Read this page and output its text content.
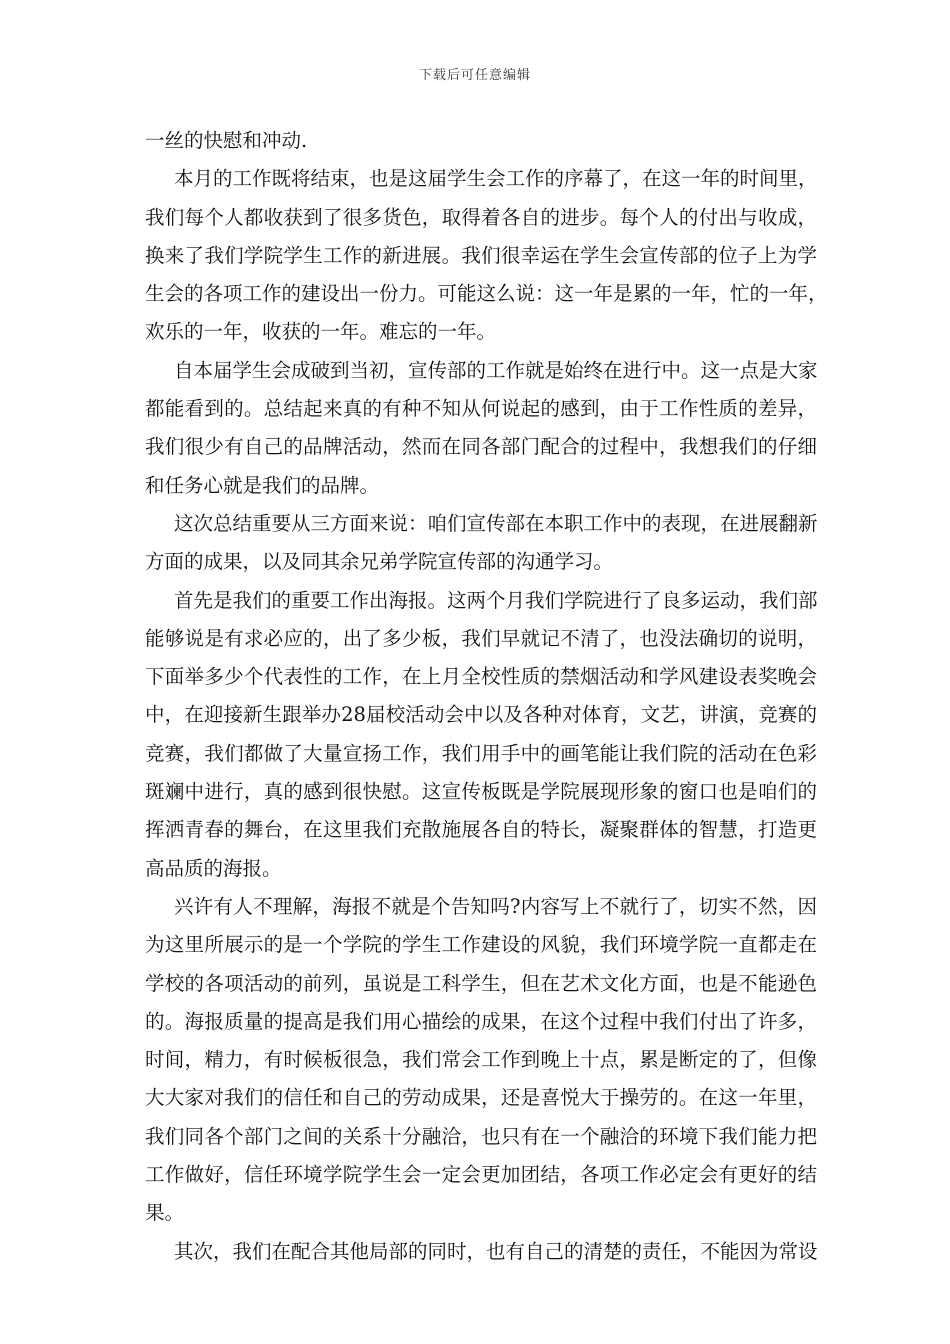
下载后可任意编辑
一丝的快慰和冲动.
本月的工作既将结束，也是这届学生会工作的序幕了，在这一年的时间里，
我们每个人都收获到了很多货色，取得着各自的进步。每个人的付出与收成，
换来了我们学院学生工作的新进展。我们很幸运在学生会宣传部的位子上为学
生会的各项工作的建设出一份力。可能这么说：这一年是累的一年，忙的一年，
欢乐的一年，收获的一年。难忘的一年。
自本届学生会成破到当初，宣传部的工作就是始终在进行中。这一点是大家
都能看到的。总结起来真的有种不知从何说起的感到，由于工作性质的差异，
我们很少有自己的品牌活动，然而在同各部门配合的过程中，我想我们的仔细
和任务心就是我们的品牌。
这次总结重要从三方面来说：咱们宣传部在本职工作中的表现，在进展翻新
方面的成果，以及同其余兄弟学院宣传部的沟通学习。
首先是我们的重要工作出海报。这两个月我们学院进行了良多运动，我们部
能够说是有求必应的，出了多少板，我们早就记不清了，也没法确切的说明，
下面举多少个代表性的工作，在上月全校性质的禁烟活动和学风建设表奖晚会
中，在迎接新生跟举办28届校活动会中以及各种对体育，文艺，讲演，竞赛的
竞赛，我们都做了大量宣扬工作，我们用手中的画笔能让我们院的活动在色彩
斑斓中进行，真的感到很快慰。这宣传板既是学院展现形象的窗口也是咱们的
挥洒青春的舞台，在这里我们充散施展各自的特长，凝聚群体的智慧，打造更
高品质的海报。
兴许有人不理解，海报不就是个告知吗?内容写上不就行了，切实不然，因
为这里所展示的是一个学院的学生工作建设的风貌，我们环境学院一直都走在
学校的各项活动的前列，虽说是工科学生，但在艺术文化方面，也是不能逊色
的。海报质量的提高是我们用心描绘的成果，在这个过程中我们付出了许多，
时间，精力，有时候板很急，我们常会工作到晚上十点，累是断定的了，但像
大大家对我们的信任和自己的劳动成果，还是喜悦大于操劳的。在这一年里，
我们同各个部门之间的关系十分融洽，也只有在一个融洽的环境下我们能力把
工作做好，信任环境学院学生会一定会更加团结，各项工作必定会有更好的结
果。
其次，我们在配合其他局部的同时，也有自己的清楚的责任，不能因为常设
